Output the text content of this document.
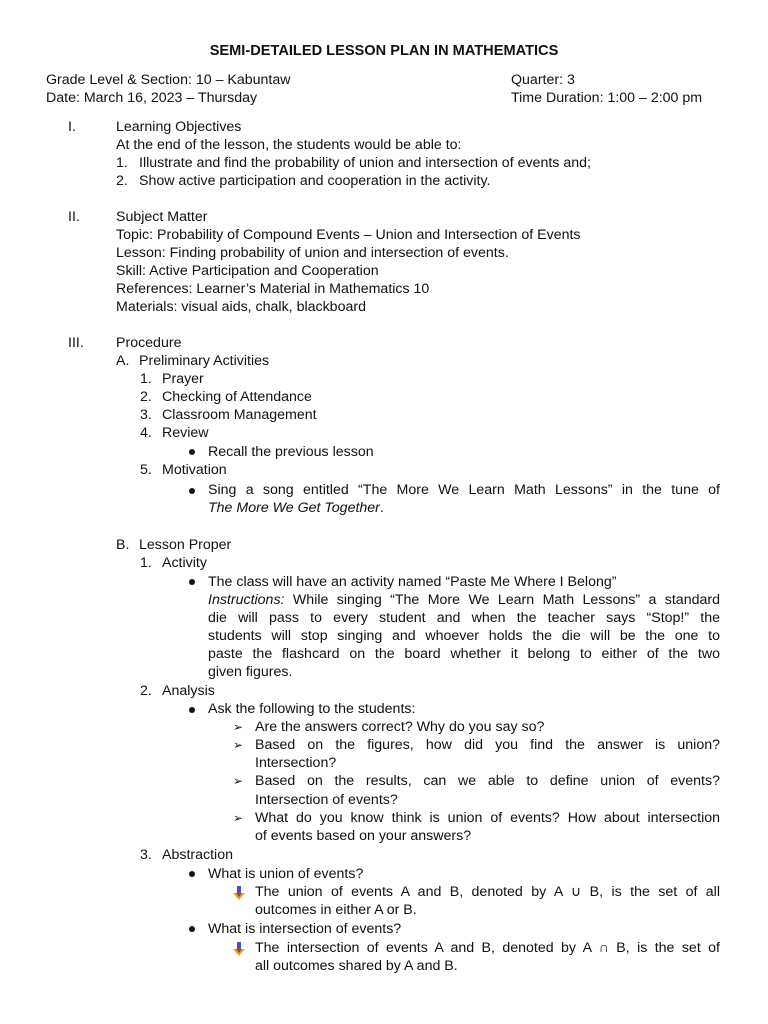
SEMI-DETAILED LESSON PLAN IN MATHEMATICS
Grade Level & Section: 10 – Kabuntaw	Quarter: 3
Date: March 16, 2023 – Thursday	Time Duration: 1:00 – 2:00 pm
I.	Learning Objectives
At the end of the lesson, the students would be able to:
1. Illustrate and find the probability of union and intersection of events and;
2. Show active participation and cooperation in the activity.
II.	Subject Matter
Topic: Probability of Compound Events – Union and Intersection of Events
Lesson: Finding probability of union and intersection of events.
Skill: Active Participation and Cooperation
References: Learner’s Material in Mathematics 10
Materials: visual aids, chalk, blackboard
III. Procedure
A. Preliminary Activities
1. Prayer
2. Checking of Attendance
3. Classroom Management
4. Review
Recall the previous lesson
5. Motivation
Sing a song entitled “The More We Learn Math Lessons” in the tune of
The More We Get Together.
B. Lesson Proper
1. Activity
The class will have an activity named “Paste Me Where I Belong”
Instructions: While singing “The More We Learn Math Lessons” a standard
die will pass to every student and when the teacher says “Stop!” the
students will stop singing and whoever holds the die will be the one to
paste the flashcard on the board whether it belong to either of the two
given figures.
2. Analysis
Ask the following to the students:
➢ Are the answers correct? Why do you say so?
➢ Based on the figures, how did you find the answer is union?
Intersection?
➢ Based on the results, can we able to define union of events?
Intersection of events?
➢ What do you know think is union of events? How about intersection
of events based on your answers?
3. Abstraction
What is union of events?
The union of events A and B, denoted by A ∪ B, is the set of all
outcomes in either A or B.
What is intersection of events?
The intersection of events A and B, denoted by A ∩ B, is the set of
all outcomes shared by A and B.
